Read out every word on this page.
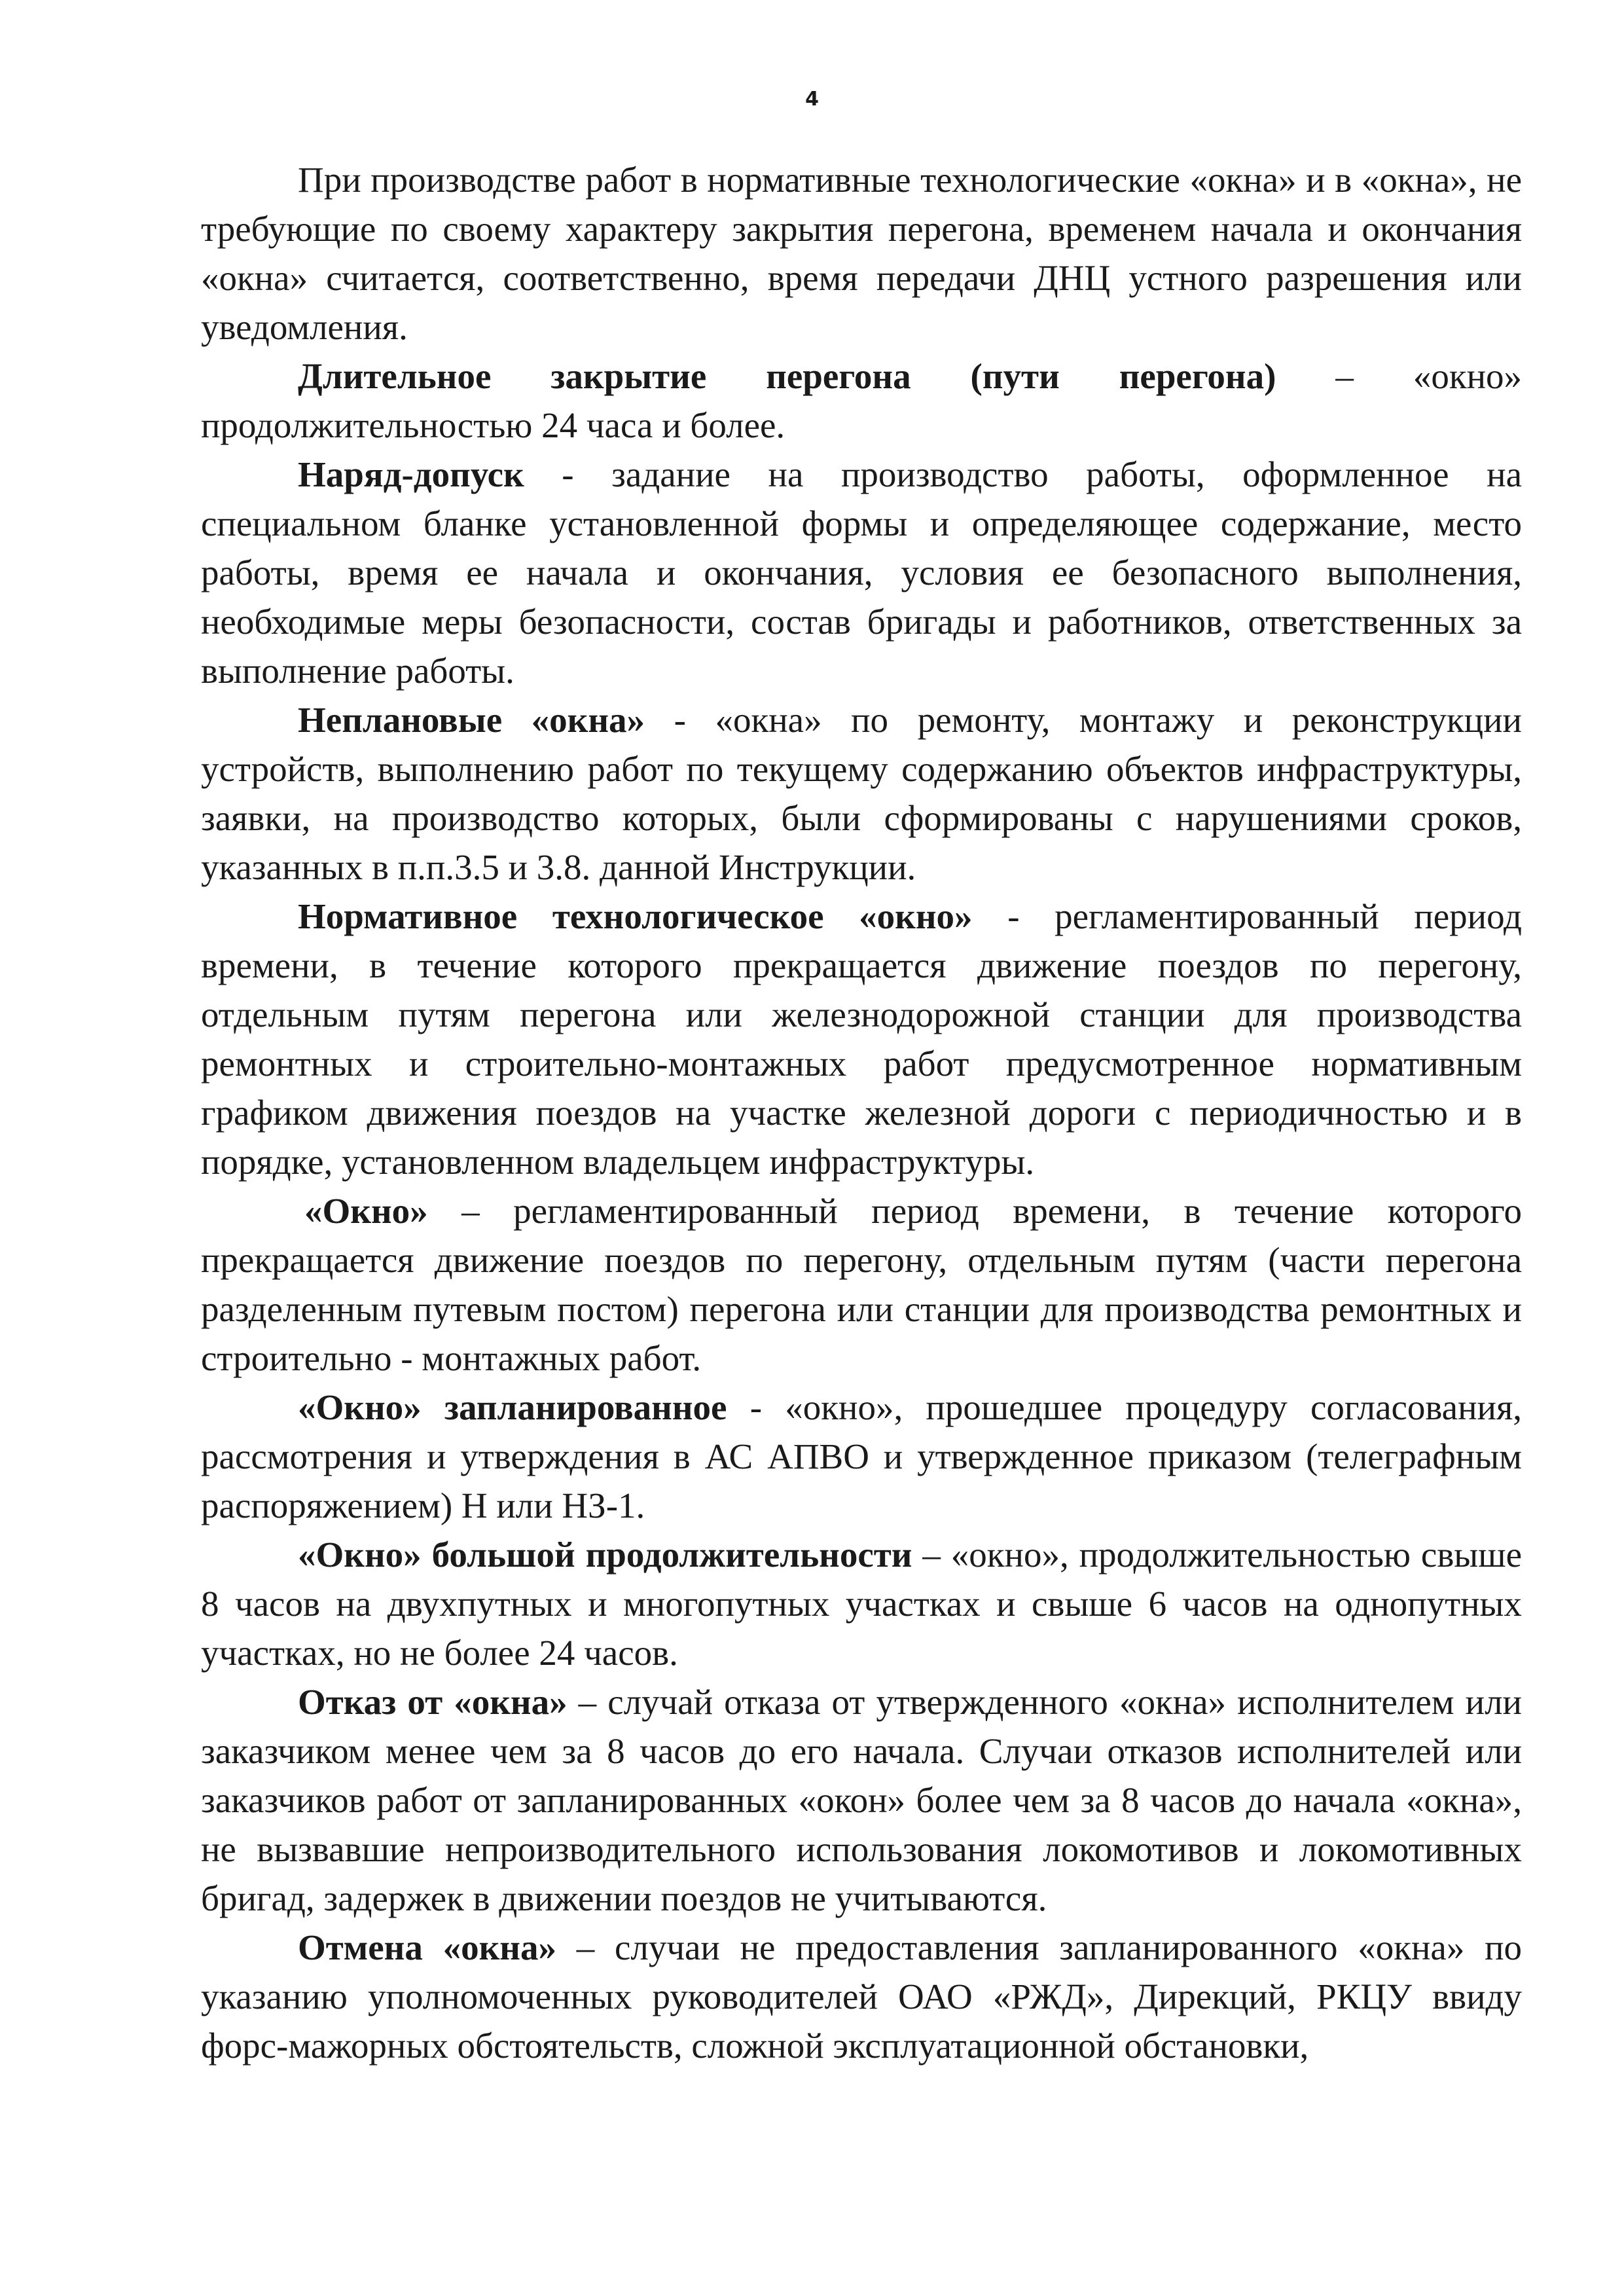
4

При производстве работ в нормативные технологические «окна» и в «окна», не требующие по своему характеру закрытия перегона, временем начала и окончания «окна» считается, соответственно, время передачи ДНЦ устного разрешения или уведомления.

Длительное закрытие перегона (пути перегона) – «окно» продолжительностью 24 часа и более.

Наряд-допуск - задание на производство работы, оформленное на специальном бланке установленной формы и определяющее содержание, место работы, время ее начала и окончания, условия ее безопасного выполнения, необходимые меры безопасности, состав бригады и работников, ответственных за выполнение работы.

Неплановые «окна» - «окна» по ремонту, монтажу и реконструкции устройств, выполнению работ по текущему содержанию объектов инфраструктуры, заявки, на производство которых, были сформированы с нарушениями сроков, указанных в п.п.3.5 и 3.8. данной Инструкции.

Нормативное технологическое «окно» - регламентированный период времени, в течение которого прекращается движение поездов по перегону, отдельным путям перегона или железнодорожной станции для производства ремонтных и строительно-монтажных работ предусмотренное нормативным графиком движения поездов на участке железной дороги с периодичностью и в порядке, установленном владельцем инфраструктуры.

«Окно» – регламентированный период времени, в течение которого прекращается движение поездов по перегону, отдельным путям (части перегона разделенным путевым постом) перегона или станции для производства ремонтных и строительно - монтажных работ.

«Окно» запланированное - «окно», прошедшее процедуру согласования, рассмотрения и утверждения в АС АПВО и утвержденное приказом (телеграфным распоряжением) Н или НЗ-1.

«Окно» большой продолжительности – «окно», продолжительностью свыше 8 часов на двухпутных и многопутных участках и свыше 6 часов на однопутных участках, но не более 24 часов.

Отказ от «окна» – случай отказа от утвержденного «окна» исполнителем или заказчиком менее чем за 8 часов до его начала. Случаи отказов исполнителей или заказчиков работ от запланированных «окон» более чем за 8 часов до начала «окна», не вызвавшие непроизводительного использования локомотивов и локомотивных бригад, задержек в движении поездов не учитываются.

Отмена «окна» – случаи не предоставления запланированного «окна» по указанию уполномоченных руководителей ОАО «РЖД», Дирекций, РКЦУ ввиду форс-мажорных обстоятельств, сложной эксплуатационной обстановки,
